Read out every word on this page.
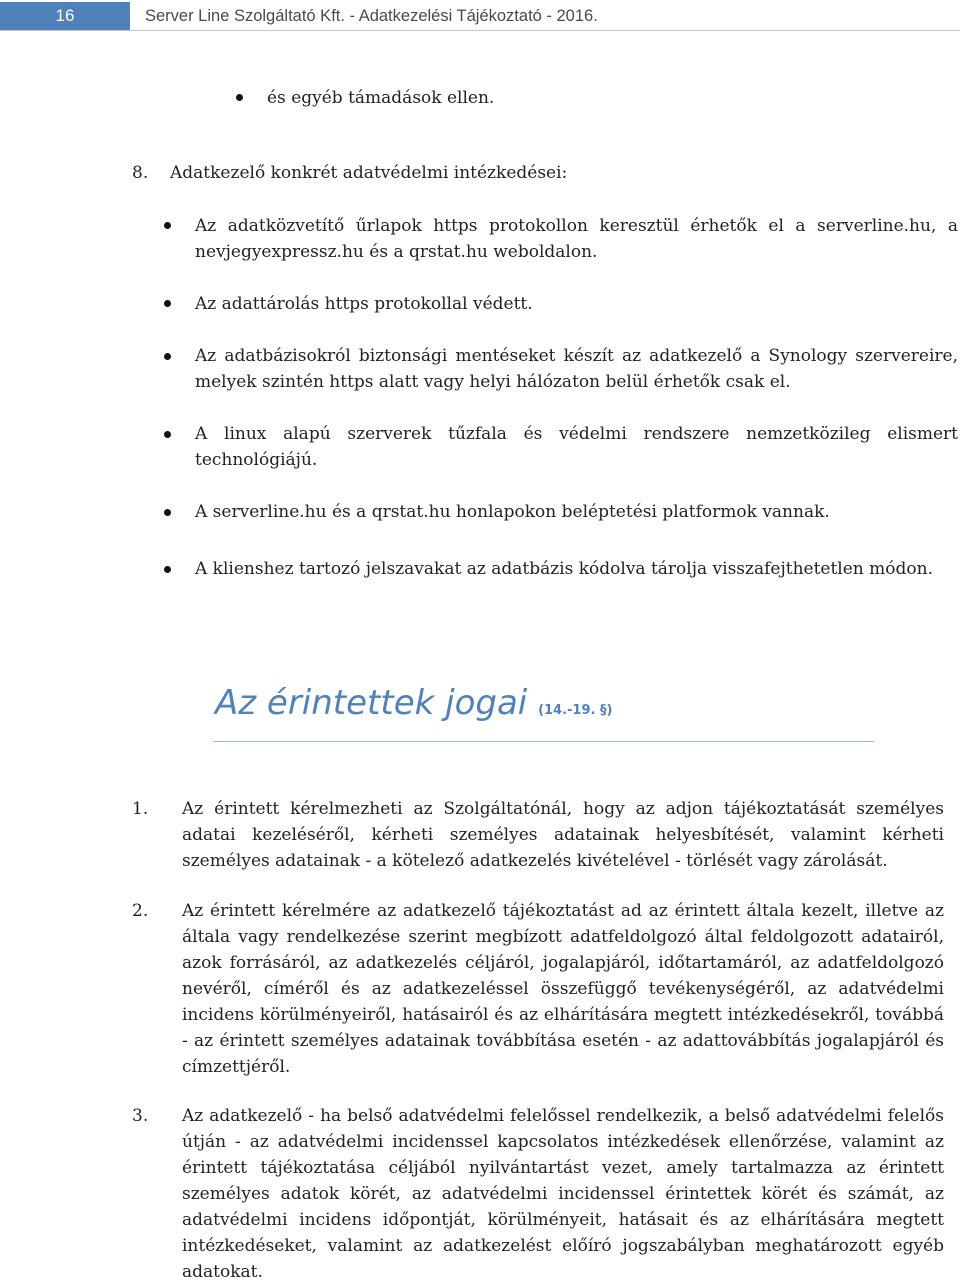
16	Server Line Szolgáltató Kft. - Adatkezelési Tájékoztató - 2016.
és egyéb támadások ellen.
8. Adatkezelő konkrét adatvédelmi intézkedései:
Az adatközvetítő űrlapok https protokollon keresztül érhetők el a serverline.hu, a nevjegyexpressz.hu és a qrstat.hu weboldalon.
Az adattárolás https protokollal védett.
Az adatbázisokról biztonsági mentéseket készít az adatkezelő a Synology szervereire, melyek szintén https alatt vagy helyi hálózaton belül érhetők csak el.
A linux alapú szerverek tűzfala és védelmi rendszere nemzetközileg elismert technológiájú.
A serverline.hu és a qrstat.hu honlapokon beléptetési platformok vannak.
A klienshez tartozó jelszavakat az adatbázis kódolva tárolja visszafejthetetlen módon.
Az érintettek jogai (14.-19. §)
1. Az érintett kérelmezheti az Szolgáltatónál, hogy az adjon tájékoztatását személyes adatai kezeléséről, kérheti személyes adatainak helyesbítését, valamint kérheti személyes adatainak - a kötelező adatkezelés kivételével - törlését vagy zárolását.
2. Az érintett kérelmére az adatkezelő tájékoztatást ad az érintett általa kezelt, illetve az általa vagy rendelkezése szerint megbízott adatfeldolgozó által feldolgozott adatairól, azok forrásáról, az adatkezelés céljáról, jogalapjáról, időtartamáról, az adatfeldolgozó nevéről, címéről és az adatkezeléssel összefüggő tevékenységéről, az adatvédelmi incidens körülményeiről, hatásairól és az elhárítására megtett intézkedésekről, továbbá - az érintett személyes adatainak továbbítása esetén - az adattovábbítás jogalapjáról és címzettjéről.
3. Az adatkezelő - ha belső adatvédelmi felelőssel rendelkezik, a belső adatvédelmi felelős útján - az adatvédelmi incidenssel kapcsolatos intézkedések ellenőrzése, valamint az érintett tájékoztatása céljából nyilvántartást vezet, amely tartalmazza az érintett személyes adatok körét, az adatvédelmi incidenssel érintettek körét és számát, az adatvédelmi incidens időpontját, körülményeit, hatásait és az elhárítására megtett intézkedéseket, valamint az adatkezelést előíró jogszabályban meghatározott egyéb adatokat.
